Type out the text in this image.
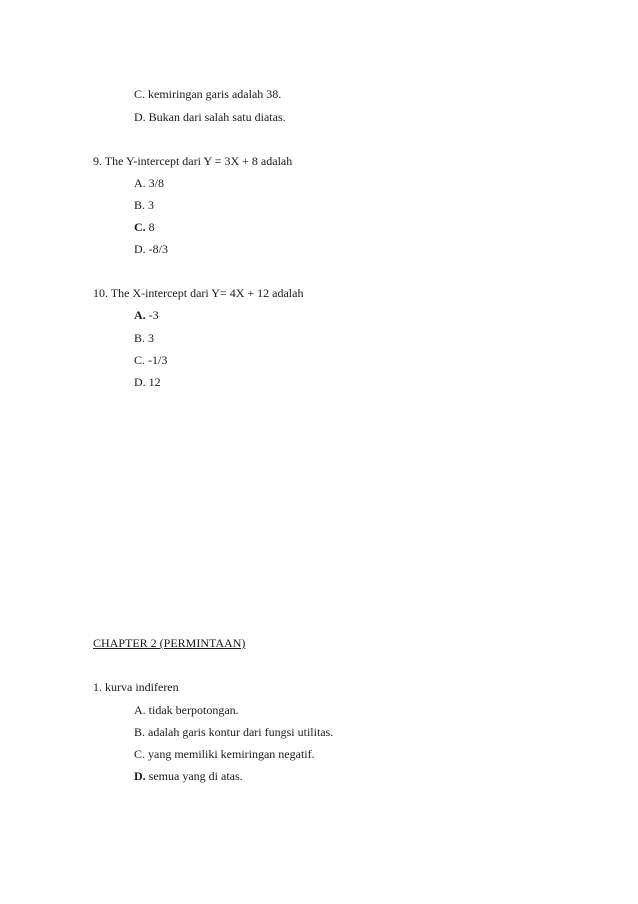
C. kemiringan garis adalah 38.
D. Bukan dari salah satu diatas.
9. The Y-intercept dari Y = 3X + 8 adalah
A. 3/8
B. 3
C. 8
D. -8/3
10. The X-intercept dari Y= 4X + 12 adalah
A. -3
B. 3
C. -1/3
D. 12
CHAPTER 2 (PERMINTAAN)
1. kurva indiferen
A. tidak berpotongan.
B. adalah garis kontur dari fungsi utilitas.
C. yang memiliki kemiringan negatif.
D. semua yang di atas.
